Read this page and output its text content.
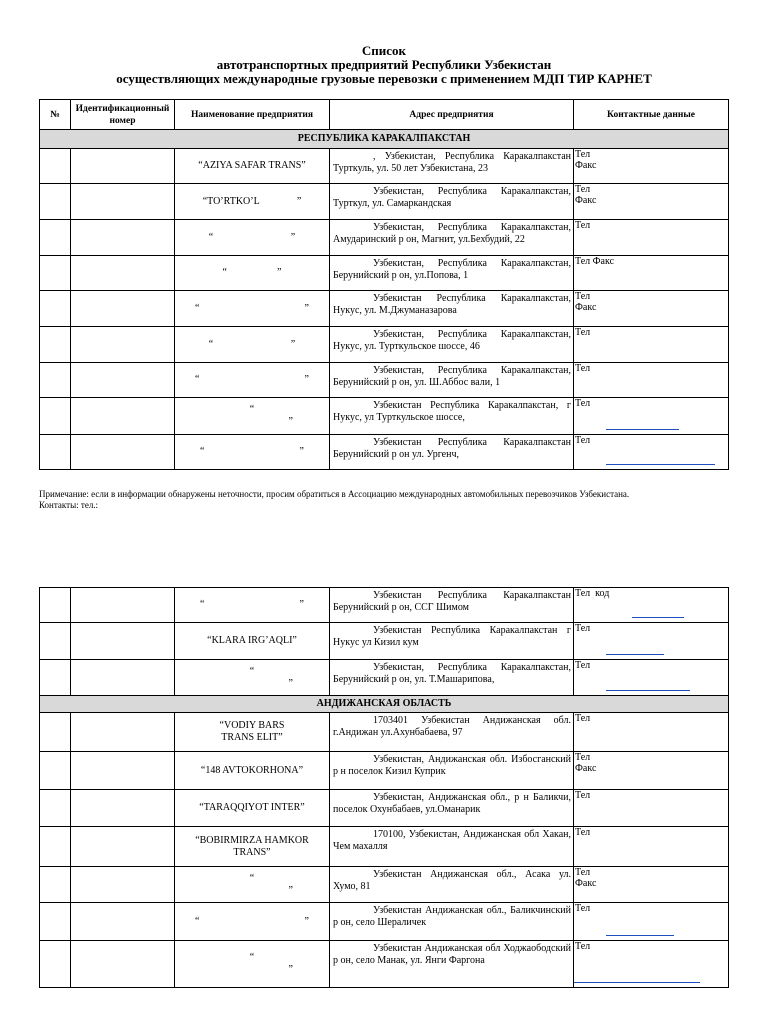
Список
автотранспортных предприятий Республики Узбекистан
осуществляющих международные грузовые перевозки с применением МДП ТИР КАРНЕТ
№	Идентификационный номер	Наименование предприятия	Адрес предприятия	Контактные данные
РЕСПУБЛИКА КАРАКАЛПАКСТАН				
		“AZIYA SAFAR TRANS”	, Узбекистан, Республика Каракалпакстан Турткуль, ул. 50 лет Узбекистана, 23	Тел
Факс

		“TO’RTKO’L               ”	Узбекистан, Республика Каракалпакстан, Турткул, ул. Самаркандская	Тел
Факс

		“                               ”	Узбекистан, Республика Каракалпакстан, Амударинский р он, Магнит, ул.Бехбудий, 22	Тел

		“                    ”	Узбекистан, Республика Каракалпакстан, Берунийский р он, ул.Попова, 1	Тел Факс

		“                                          ”	Узбекистан Республика Каракалпакстан, Нукус, ул. М.Джуманазарова	Тел
Факс

		“                               ”	Узбекистан, Республика Каракалпакстан, Нукус, ул. Турткульское шоссе, 46	Тел

		“                                          ”	Узбекистан, Республика Каракалпакстан, Берунийский р он, ул. Ш.Аббос вали, 1	Тел

		“
”	Узбекистан Республика Каракалпакстан, г Нукус, ул Турткульское шоссе,	Тел

		“                                      ”	Узбекистан Республика Каракалпакстан Берунийский р он ул. Ургенч,	Тел
Примечание: если в информации обнаружены неточности, просим обратиться в Ассоциацию международных автомобильных перевозчиков Узбекистана.
Контакты: тел.:
		“                                      ”	Узбекистан Республика Каракалпакстан Берунийский р он, ССГ Шимом	Тел  код

		“KLARA IRG’AQLI”	Узбекистан Республика Каракалпакстан г Нукус ул Кизил кум	Тел

		“
”	Узбекистан, Республика Каракалпакстан, Берунийский р он, ул. Т.Машарипова,	Тел

АНДИЖАНСКАЯ ОБЛАСТЬ				
		“VODIY BARS
TRANS ELIT”	1703401 Узбекистан Андижанская обл. г.Андижан ул.Ахунбабаева, 97	Тел

		“148 AVTOKORHONA”	Узбекистан, Андижанская обл. Избосганский р н поселок Кизил Куприк	Тел
Факс

		“TARAQQIYOT INTER”	Узбекистан, Андижанская обл., р н Баликчи, поселок Охунбабаев, ул.Оманарик	Тел

		“BOBIRMIRZA HAMKOR
TRANS”	170100, Узбекистан, Андижанская обл Хакан, Чем махалля	Тел

		“
”	Узбекистан Андижанская обл., Асака ул. Хумо, 81	Тел
Факс

		“                                          ”	Узбекистан Андижанская обл., Баликчинский р он, село Шераличек	Тел

		“
”	Узбекистан Андижанская обл Ходжаободский р он, село Манак, ул. Янги Фаргона	Тел
